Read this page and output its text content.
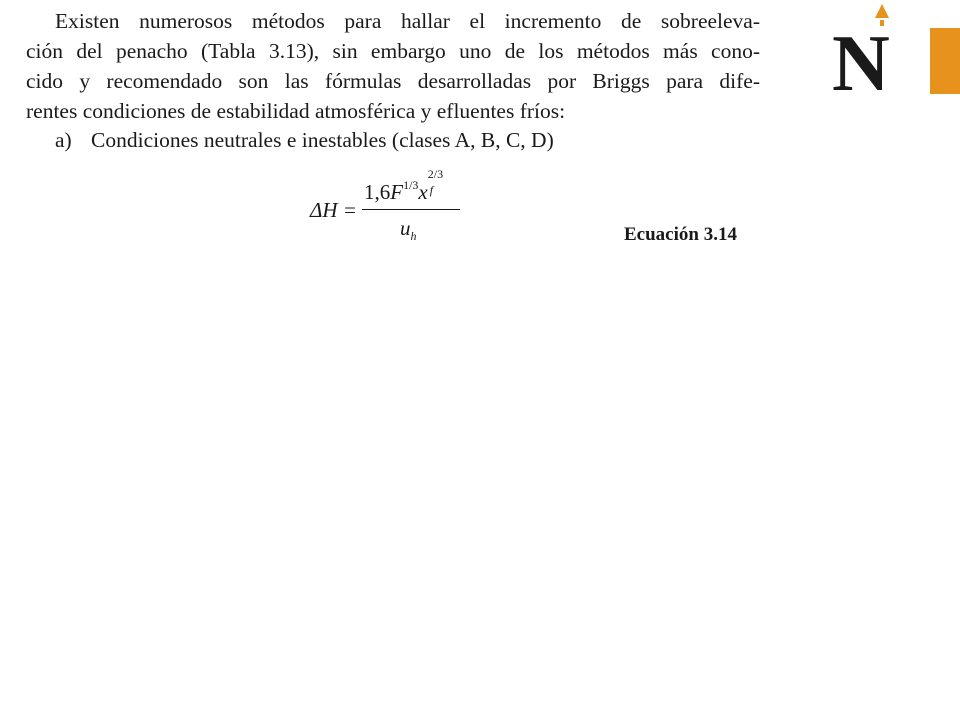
Existen numerosos métodos para hallar el incremento de sobreeleva-
ción del penacho (Tabla 3.13), sin embargo uno de los métodos más cono-
cido y recomendado son las fórmulas desarrolladas por Briggs para dife-
rentes condiciones de estabilidad atmosférica y efluentes fríos:
a) Condiciones neutrales e inestables (clases A, B, C, D)
ΔH =
$1,6F^{1/3}x$
2/3
f
$u_h$	Ecuación 3.14
N
